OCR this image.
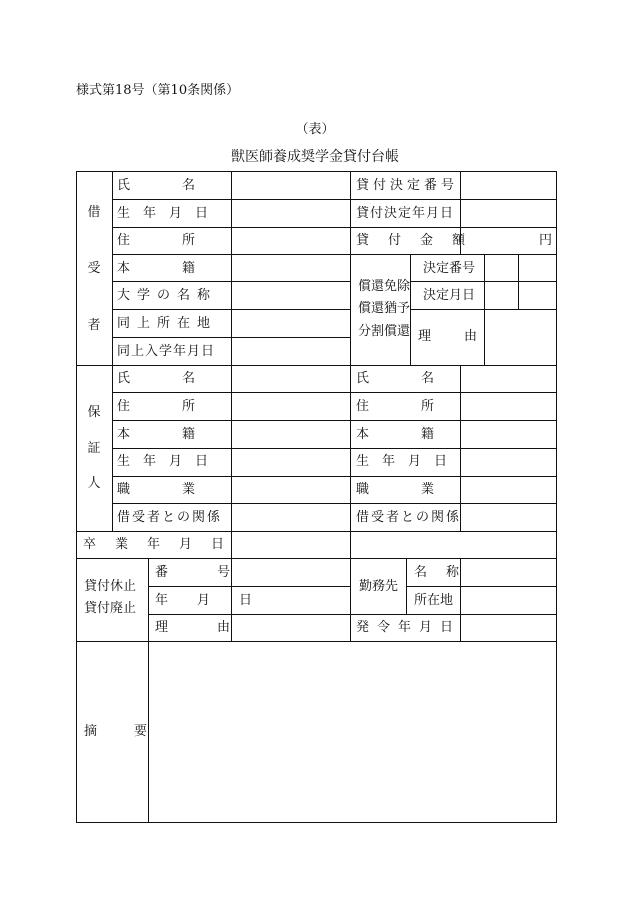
様式第18号（第10条関係）
（表）
獣医師養成奨学金貸付台帳
借
受
者
氏　　　　名
生　年　月　日
住　　　　所
本　　　　籍
大学の名称
同上所在地
同上入学年月日
貸付決定番号
貸付決定年月日
貸付金額	円
償還免除
償還猶予
分割償還
決定番号
決定月日
理　由
保
証
人
氏　　　　名
住　　　　所
本　　　　籍
生　年　月　日
職　　　　業
借受者との関係
氏　　　　名
住　　　　所
本　　　　籍
生　年　月　日
職　　　　業
借受者との関係
卒業年月日
貸付休止
貸付廃止
番　号
年　月　日
理　由
勤務先
名　称
所在地
発令年月日
摘　要
